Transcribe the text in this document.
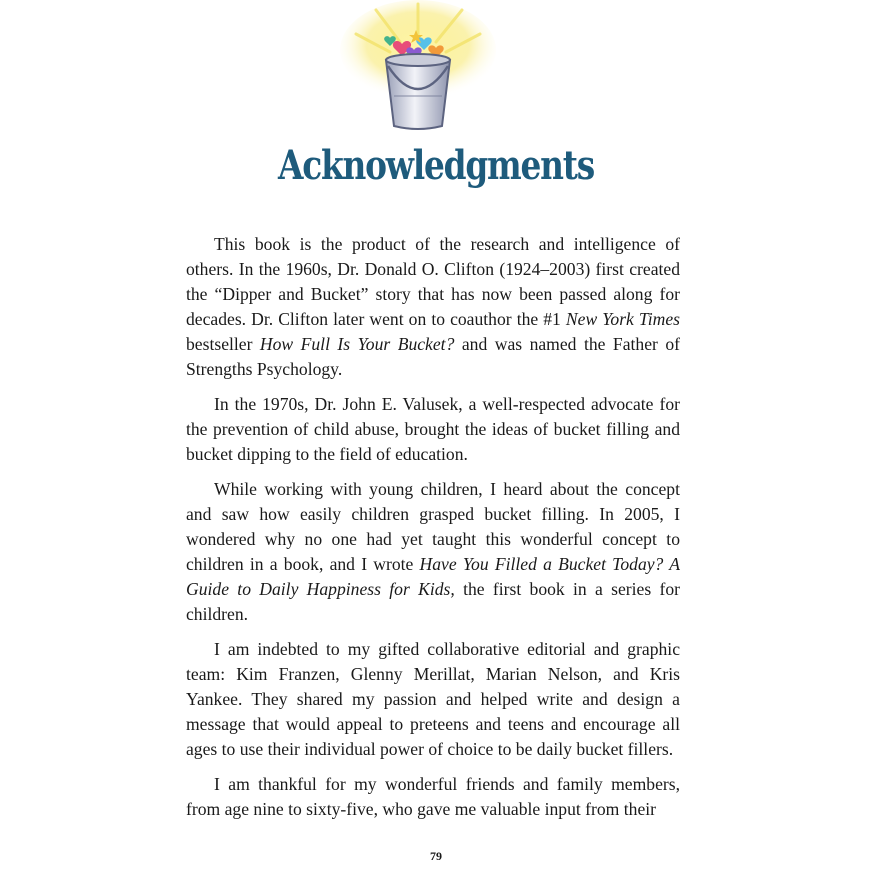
Acknowledgments

This book is the product of the research and intelligence of others. In the 1960s, Dr. Donald O. Clifton (1924–2003) first created the “Dipper and Bucket” story that has now been passed along for decades. Dr. Clifton later went on to coauthor the #1 New York Times bestseller How Full Is Your Bucket? and was named the Father of Strengths Psychology.

In the 1970s, Dr. John E. Valusek, a well-respected advocate for the prevention of child abuse, brought the ideas of bucket filling and bucket dipping to the field of education.

While working with young children, I heard about the concept and saw how easily children grasped bucket filling. In 2005, I wondered why no one had yet taught this wonderful concept to children in a book, and I wrote Have You Filled a Bucket Today? A Guide to Daily Happiness for Kids, the first book in a series for children.

I am indebted to my gifted collaborative editorial and graphic team: Kim Franzen, Glenny Merillat, Marian Nelson, and Kris Yankee. They shared my passion and helped write and design a message that would appeal to preteens and teens and encourage all ages to use their individual power of choice to be daily bucket fillers.

I am thankful for my wonderful friends and family members, from age nine to sixty-five, who gave me valuable input from their

79
